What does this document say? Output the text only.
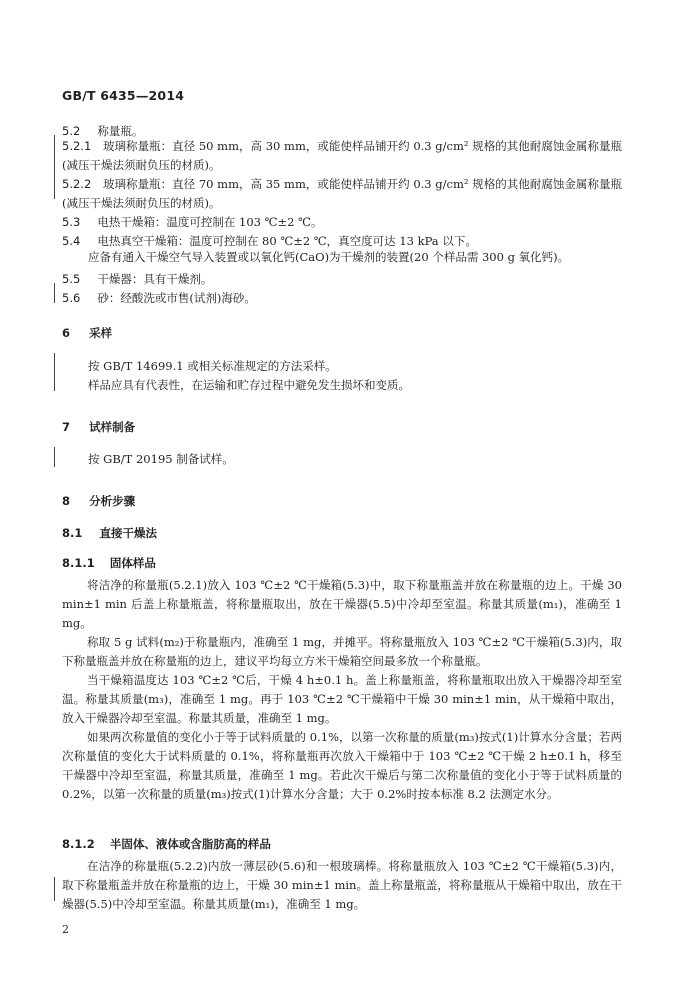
GB/T 6435—2014
5.2 称量瓶。
5.2.1 玻璃称量瓶：直径 50 mm，高 30 mm，或能使样品铺开约 0.3 g/cm² 规格的其他耐腐蚀金属称量瓶(减压干燥法须耐负压的材质)。
5.2.2 玻璃称量瓶：直径 70 mm，高 35 mm，或能使样品铺开约 0.3 g/cm² 规格的其他耐腐蚀金属称量瓶(减压干燥法须耐负压的材质)。
5.3 电热干燥箱：温度可控制在 103 ℃±2 ℃。
5.4 电热真空干燥箱：温度可控制在 80 ℃±2 ℃，真空度可达 13 kPa 以下。
应备有通入干燥空气导入装置或以氧化钙(CaO)为干燥剂的装置(20 个样品需 300 g 氧化钙)。
5.5 干燥器：具有干燥剂。
5.6 砂：经酸洗或市售(试剂)海砂。
6 采样
按 GB/T 14699.1 或相关标准规定的方法采样。
样品应具有代表性，在运输和贮存过程中避免发生损坏和变质。
7 试样制备
按 GB/T 20195 制备试样。
8 分析步骤
8.1 直接干燥法
8.1.1 固体样品
将洁净的称量瓶(5.2.1)放入 103 ℃±2 ℃干燥箱(5.3)中，取下称量瓶盖并放在称量瓶的边上。干燥 30 min±1 min 后盖上称量瓶盖，将称量瓶取出，放在干燥器(5.5)中冷却至室温。称量其质量(m₁)，准确至 1 mg。
称取 5 g 试料(m₂)于称量瓶内，准确至 1 mg，并摊平。将称量瓶放入 103 ℃±2 ℃干燥箱(5.3)内，取下称量瓶盖并放在称量瓶的边上，建议平均每立方米干燥箱空间最多放一个称量瓶。
当干燥箱温度达 103 ℃±2 ℃后，干燥 4 h±0.1 h。盖上称量瓶盖，将称量瓶取出放入干燥器冷却至室温。称量其质量(m₃)，准确至 1 mg。再于 103 ℃±2 ℃干燥箱中干燥 30 min±1 min，从干燥箱中取出，放入干燥器冷却至室温。称量其质量，准确至 1 mg。
如果两次称量值的变化小于等于试料质量的 0.1%，以第一次称量的质量(m₃)按式(1)计算水分含量；若两次称量值的变化大于试料质量的 0.1%，将称量瓶再次放入干燥箱中于 103 ℃±2 ℃干燥 2 h±0.1 h，移至干燥器中冷却至室温，称量其质量，准确至 1 mg。若此次干燥后与第二次称量值的变化小于等于试料质量的 0.2%，以第一次称量的质量(m₃)按式(1)计算水分含量；大于 0.2%时按本标准 8.2 法测定水分。
8.1.2 半固体、液体或含脂肪高的样品
在洁净的称量瓶(5.2.2)内放一薄层砂(5.6)和一根玻璃棒。将称量瓶放入 103 ℃±2 ℃干燥箱(5.3)内，取下称量瓶盖并放在称量瓶的边上，干燥 30 min±1 min。盖上称量瓶盖，将称量瓶从干燥箱中取出，放在干燥器(5.5)中冷却至室温。称量其质量(m₁)，准确至 1 mg。
2
